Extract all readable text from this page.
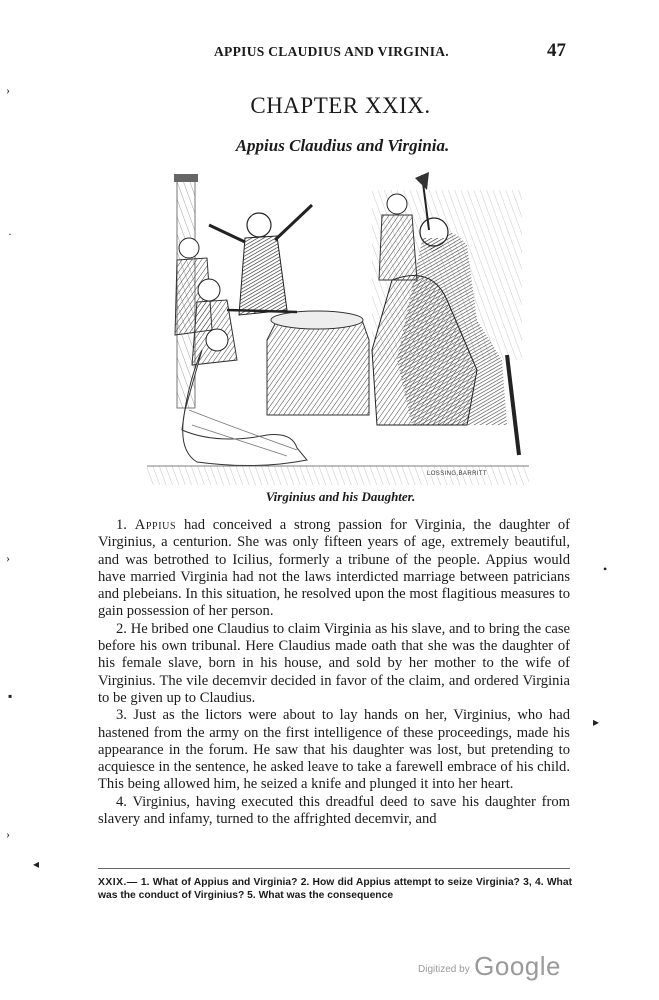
APPIUS CLAUDIUS AND VIRGINIA.	47
CHAPTER XXIX.
Appius Claudius and Virginia.
LOSSING,BARRITT
Virginius and his Daughter.

1. Appius had conceived a strong passion for Virginia, the daughter of Virginius, a centurion. She was only fifteen years of age, extremely beautiful, and was betrothed to Icilius, formerly a tribune of the people. Appius would have married Virginia had not the laws interdicted marriage between patricians and plebeians. In this situation, he resolved upon the most flagitious measures to gain possession of her person.

2. He bribed one Claudius to claim Virginia as his slave, and to bring the case before his own tribunal. Here Claudius made oath that she was the daughter of his female slave, born in his house, and sold by her mother to the wife of Virginius. The vile decemvir decided in favor of the claim, and ordered Virginia to be given up to Claudius.

3. Just as the lictors were about to lay hands on her, Virginius, who had hastened from the army on the first intelligence of these proceedings, made his appearance in the forum. He saw that his daughter was lost, but pretending to acquiesce in the sentence, he asked leave to take a farewell embrace of his child. This being allowed him, he seized a knife and plunged it into her heart.

4. Virginius, having executed this dreadful deed to save his daughter from slavery and infamy, turned to the affrighted decemvir, and

XXIX.— 1. What of Appius and Virginia? 2. How did Appius attempt to seize Virginia? 3, 4. What was the conduct of Virginius? 5. What was the consequence
Digitized by Google
›
·
›
▪
›
◂
•
▸
